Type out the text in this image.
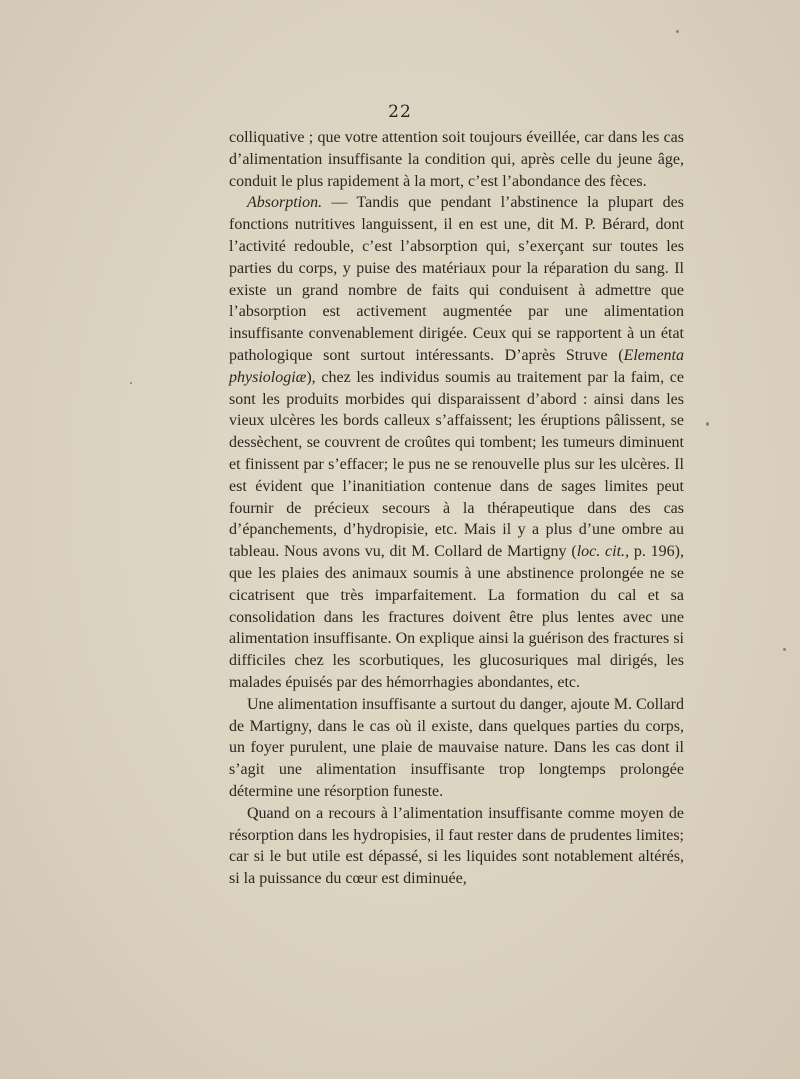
22

colliquative ; que votre attention soit toujours éveillée, car dans les cas d’alimentation insuffisante la condition qui, après celle du jeune âge, conduit le plus rapidement à la mort, c’est l’abondance des fèces.

Absorption. — Tandis que pendant l’abstinence la plupart des fonctions nutritives languissent, il en est une, dit M. P. Bérard, dont l’activité redouble, c’est l’absorption qui, s’exerçant sur toutes les parties du corps, y puise des matériaux pour la réparation du sang. Il existe un grand nombre de faits qui conduisent à admettre que l’absorption est activement augmentée par une alimentation insuffisante convenablement dirigée. Ceux qui se rapportent à un état pathologique sont surtout intéressants. D’après Struve (Elementa physiologiæ), chez les individus soumis au traitement par la faim, ce sont les produits morbides qui disparaissent d’abord : ainsi dans les vieux ulcères les bords calleux s’affaissent; les éruptions pâlissent, se dessèchent, se couvrent de croûtes qui tombent; les tumeurs diminuent et finissent par s’effacer; le pus ne se renouvelle plus sur les ulcères. Il est évident que l’inanitiation contenue dans de sages limites peut fournir de précieux secours à la thérapeutique dans des cas d’épanchements, d’hydropisie, etc. Mais il y a plus d’une ombre au tableau. Nous avons vu, dit M. Collard de Martigny (loc. cit., p. 196), que les plaies des animaux soumis à une abstinence prolongée ne se cicatrisent que très imparfaitement. La formation du cal et sa consolidation dans les fractures doivent être plus lentes avec une alimentation insuffisante. On explique ainsi la guérison des fractures si difficiles chez les scorbutiques, les glucosuriques mal dirigés, les malades épuisés par des hémorrhagies abondantes, etc.

Une alimentation insuffisante a surtout du danger, ajoute M. Collard de Martigny, dans le cas où il existe, dans quelques parties du corps, un foyer purulent, une plaie de mauvaise nature. Dans les cas dont il s’agit une alimentation insuffisante trop longtemps prolongée détermine une résorption funeste.

Quand on a recours à l’alimentation insuffisante comme moyen de résorption dans les hydropisies, il faut rester dans de prudentes limites; car si le but utile est dépassé, si les liquides sont notablement altérés, si la puissance du cœur est diminuée,
